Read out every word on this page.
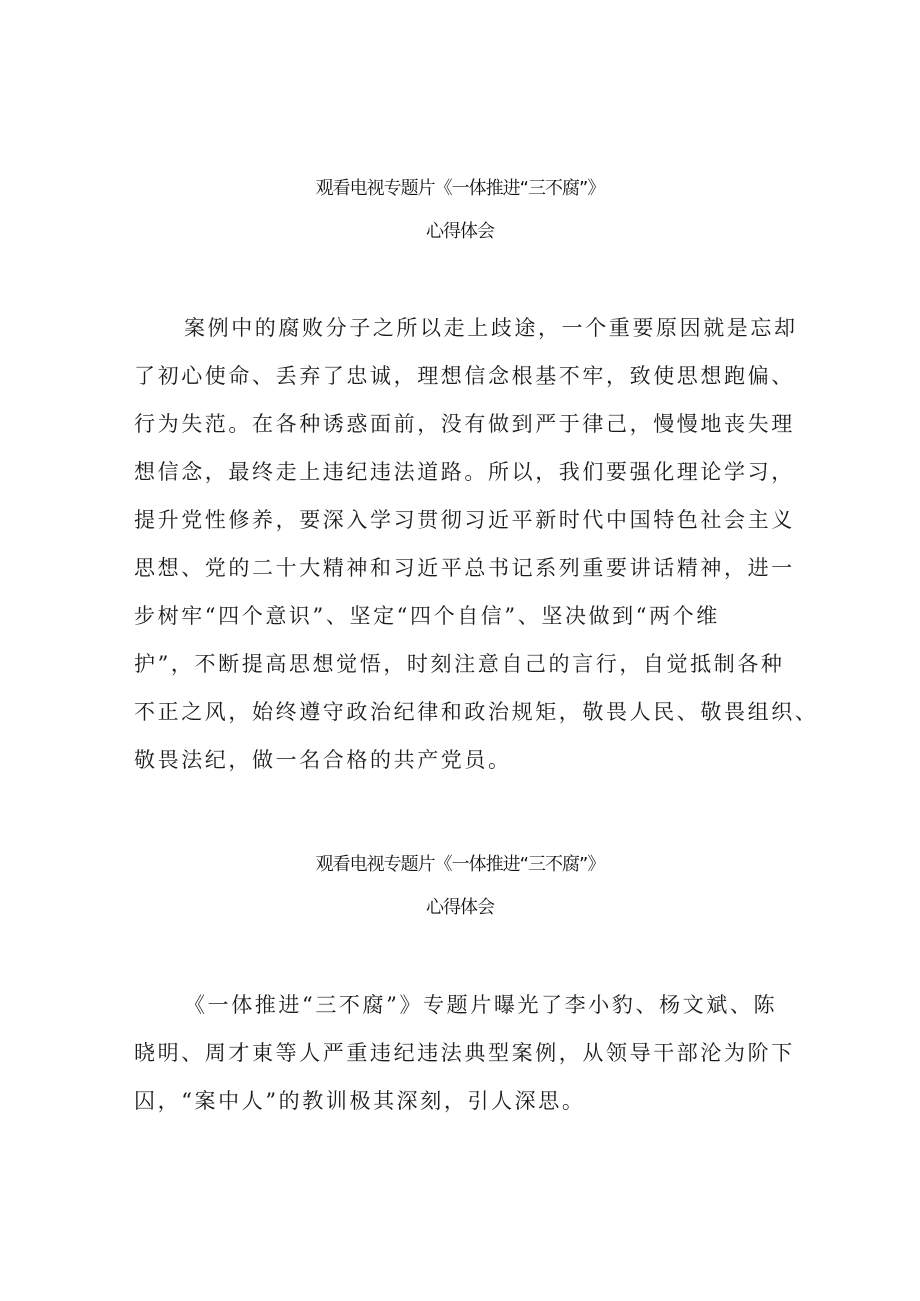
观看电视专题片《一体推进“三不腐”》
心得体会
案例中的腐败分子之所以走上歧途，一个重要原因就是忘却
了初心使命、丢弃了忠诚，理想信念根基不牢，致使思想跑偏、
行为失范。在各种诱惑面前，没有做到严于律己，慢慢地丧失理
想信念，最终走上违纪违法道路。所以，我们要强化理论学习，
提升党性修养，要深入学习贯彻习近平新时代中国特色社会主义
思想、党的二十大精神和习近平总书记系列重要讲话精神，进一
步树牢“四个意识”、坚定“四个自信”、坚决做到“两个维
护”，不断提高思想觉悟，时刻注意自己的言行，自觉抵制各种
不正之风，始终遵守政治纪律和政治规矩，敬畏人民、敬畏组织、
敬畏法纪，做一名合格的共产党员。
观看电视专题片《一体推进“三不腐”》
心得体会
《一体推进“三不腐”》专题片曝光了李小豹、杨文斌、陈
晓明、周才東等人严重违纪违法典型案例，从领导干部沦为阶下
囚，“案中人”的教训极其深刻，引人深思。
